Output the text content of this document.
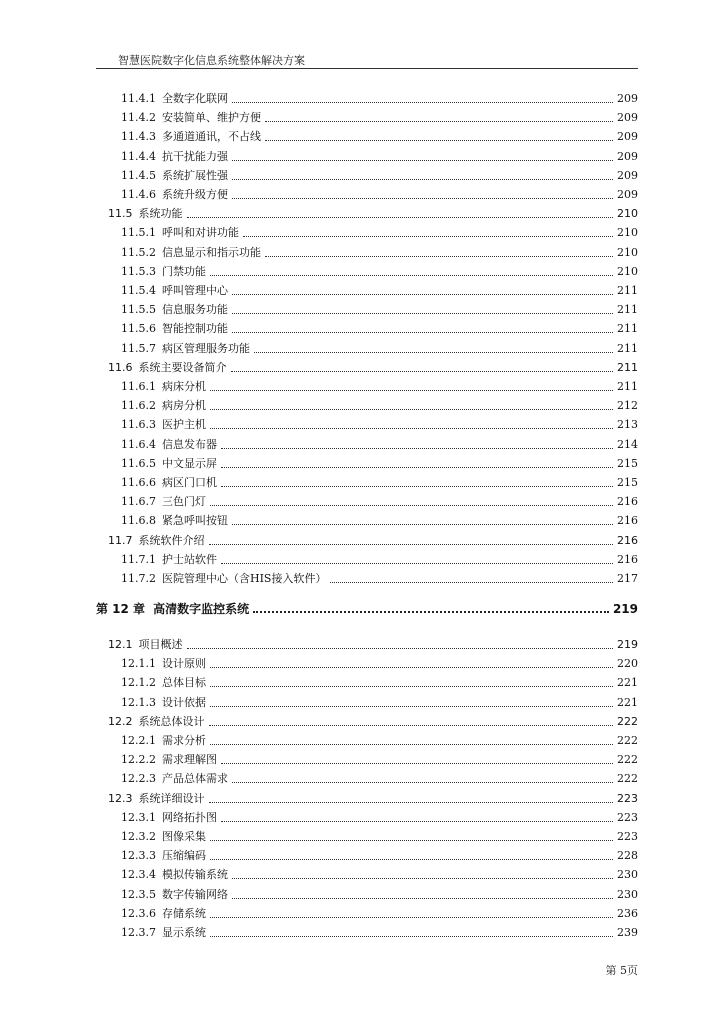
智慧医院数字化信息系统整体解决方案
11.4.1 全数字化联网	209
11.4.2 安装简单、维护方便	209
11.4.3 多通道通讯，不占线	209
11.4.4 抗干扰能力强	209
11.4.5 系统扩展性强	209
11.4.6 系统升级方便	209
11.5 系统功能	210
11.5.1 呼叫和对讲功能	210
11.5.2 信息显示和指示功能	210
11.5.3 门禁功能	210
11.5.4 呼叫管理中心	211
11.5.5 信息服务功能	211
11.5.6 智能控制功能	211
11.5.7 病区管理服务功能	211
11.6 系统主要设备简介	211
11.6.1 病床分机	211
11.6.2 病房分机	212
11.6.3 医护主机	213
11.6.4 信息发布器	214
11.6.5 中文显示屏	215
11.6.6 病区门口机	215
11.6.7 三色门灯	216
11.6.8 紧急呼叫按钮	216
11.7 系统软件介绍	216
11.7.1 护士站软件	216
11.7.2 医院管理中心（含HIS接入软件）	217
第 12 章 高清数字监控系统	219
12.1 项目概述	219
12.1.1 设计原则	220
12.1.2 总体目标	221
12.1.3 设计依据	221
12.2 系统总体设计	222
12.2.1 需求分析	222
12.2.2 需求理解图	222
12.2.3 产品总体需求	222
12.3 系统详细设计	223
12.3.1 网络拓扑图	223
12.3.2 图像采集	223
12.3.3 压缩编码	228
12.3.4 模拟传输系统	230
12.3.5 数字传输网络	230
12.3.6 存储系统	236
12.3.7 显示系统	239
第 5页
